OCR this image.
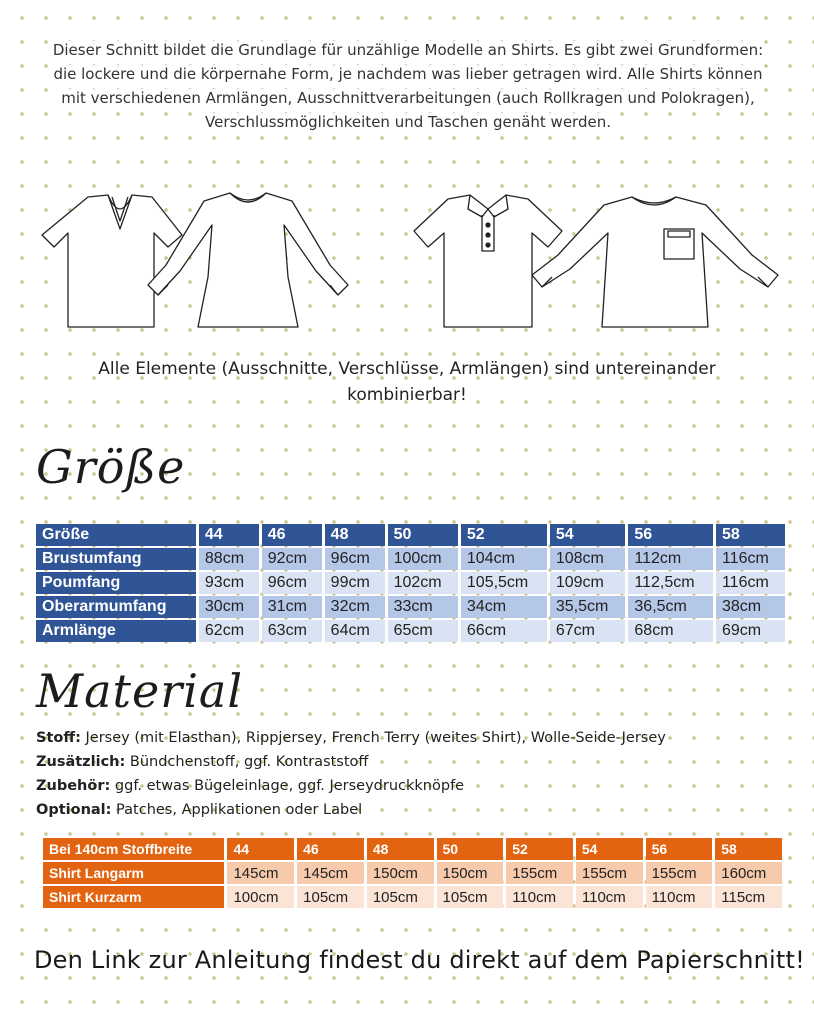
Dieser Schnitt bildet die Grundlage für unzählige Modelle an Shirts. Es gibt zwei Grundformen:
die lockere und die körpernahe Form, je nachdem was lieber getragen wird. Alle Shirts können
mit verschiedenen Armlängen, Ausschnittverarbeitungen (auch Rollkragen und Polokragen),
Verschlussmöglichkeiten und Taschen genäht werden.
Alle Elemente (Ausschnitte, Verschlüsse, Armlängen) sind untereinander
kombinierbar!
Größe
Größe	44	46	48	50	52	54	56	58
Brustumfang	88cm	92cm	96cm	100cm	104cm	108cm	112cm	116cm
Poumfang	93cm	96cm	99cm	102cm	105,5cm	109cm	112,5cm	116cm
Oberarmumfang	30cm	31cm	32cm	33cm	34cm	35,5cm	36,5cm	38cm
Armlänge	62cm	63cm	64cm	65cm	66cm	67cm	68cm	69cm
Material
Stoff: Jersey (mit Elasthan), Rippjersey, French Terry (weites Shirt), Wolle-Seide-Jersey
Zusätzlich: Bündchenstoff, ggf. Kontraststoff
Zubehör: ggf. etwas Bügeleinlage, ggf. Jerseydruckknöpfe
Optional: Patches, Applikationen oder Label
Bei 140cm Stoffbreite	44	46	48	50	52	54	56	58
Shirt Langarm	145cm	145cm	150cm	150cm	155cm	155cm	155cm	160cm
Shirt Kurzarm	100cm	105cm	105cm	105cm	110cm	110cm	110cm	115cm
Den Link zur Anleitung findest du direkt auf dem Papierschnitt!
